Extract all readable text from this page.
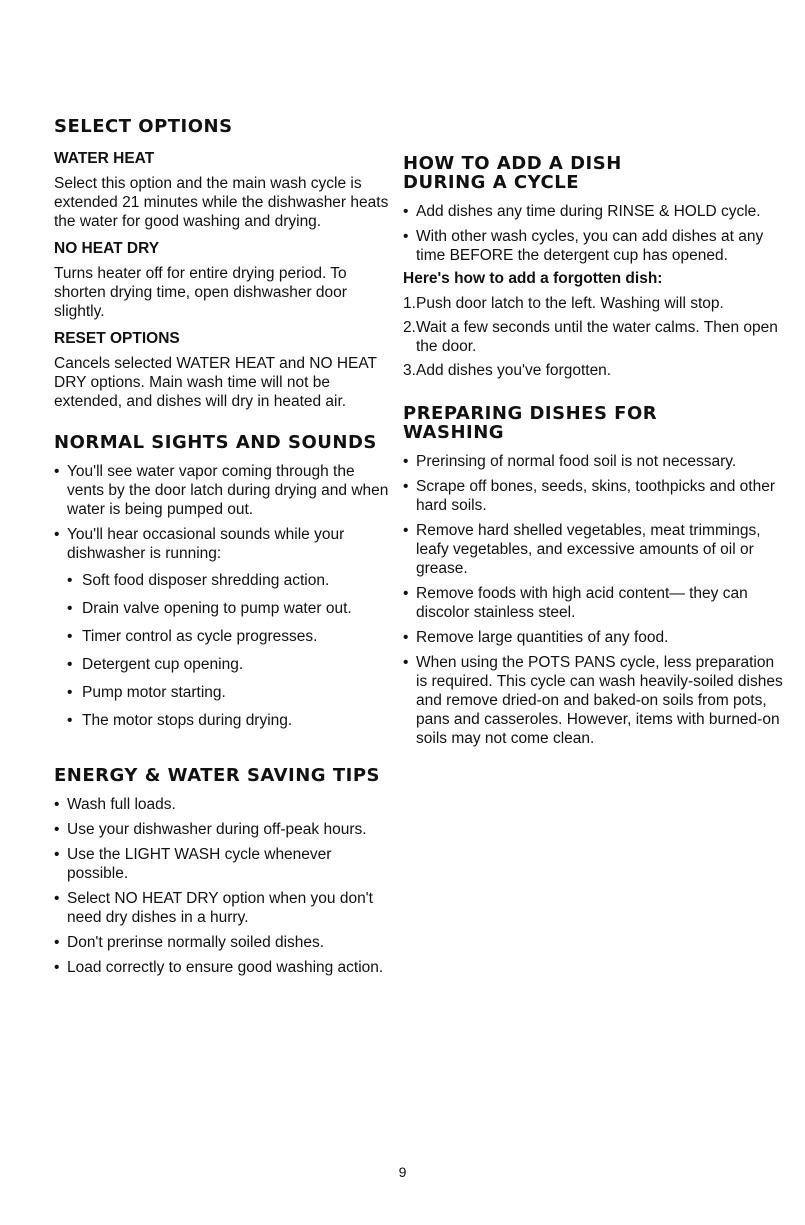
SELECT OPTIONS
WATER HEAT

Select this option and the main wash cycle is extended 21 minutes while the dishwasher heats the water for good washing and drying.

NO HEAT DRY

Turns heater off for entire drying period. To shorten drying time, open dishwasher door slightly.

RESET OPTIONS

Cancels selected WATER HEAT and NO HEAT DRY options. Main wash time will not be extended, and dishes will dry in heated air.

NORMAL SIGHTS AND SOUNDS
• You'll see water vapor coming through the vents by the door latch during drying and when water is being pumped out.
• You'll hear occasional sounds while your dishwasher is running:
• Soft food disposer shredding action.
• Drain valve opening to pump water out.
• Timer control as cycle progresses.
• Detergent cup opening.
• Pump motor starting.
• The motor stops during drying.
ENERGY & WATER SAVING TIPS
• Wash full loads.
• Use your dishwasher during off-peak hours.
• Use the LIGHT WASH cycle whenever possible.
• Select NO HEAT DRY option when you don't need dry dishes in a hurry.
• Don't prerinse normally soiled dishes.
• Load correctly to ensure good washing action.
HOW TO ADD A DISH DURING A CYCLE
• Add dishes any time during RINSE & HOLD cycle.
• With other wash cycles, you can add dishes at any time BEFORE the detergent cup has opened.
Here's how to add a forgotten dish:
1.Push door latch to the left. Washing will stop.
2.Wait a few seconds until the water calms. Then open the door.
3.Add dishes you've forgotten.
PREPARING DISHES FOR WASHING
• Prerinsing of normal food soil is not necessary.
• Scrape off bones, seeds, skins, toothpicks and other hard soils.
• Remove hard shelled vegetables, meat trimmings, leafy vegetables, and excessive amounts of oil or grease.
• Remove foods with high acid content— they can discolor stainless steel.
• Remove large quantities of any food.
• When using the POTS PANS cycle, less preparation is required. This cycle can wash heavily-soiled dishes and remove dried-on and baked-on soils from pots, pans and casseroles. However, items with burned-on soils may not come clean.
9
